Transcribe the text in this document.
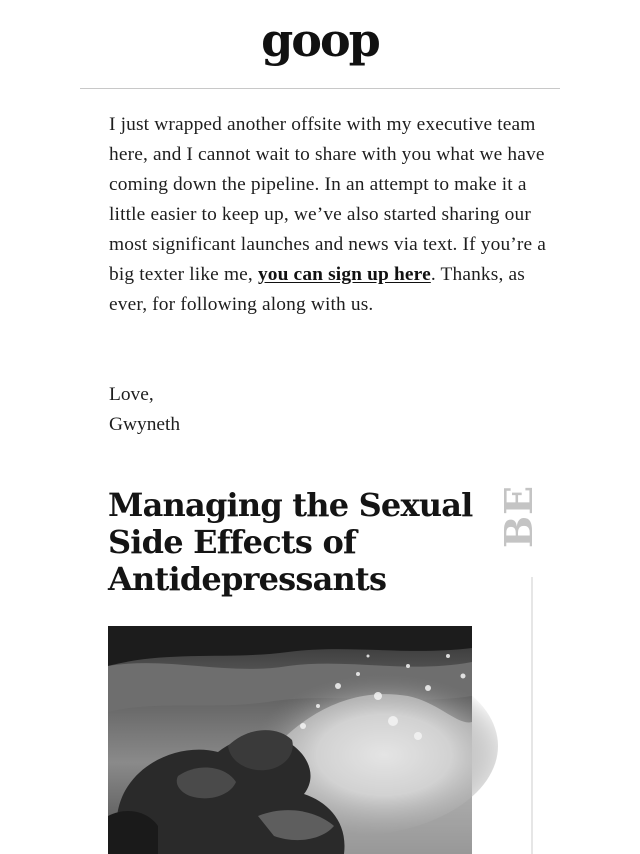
goop

I just wrapped another offsite with my executive team here, and I cannot wait to share with you what we have coming down the pipeline. In an attempt to make it a little easier to keep up, we’ve also started sharing our most significant launches and news via text. If you’re a big texter like me, you can sign up here. Thanks, as ever, for following along with us.

Love,
Gwyneth
Managing the Sexual Side Effects of Antidepressants
BE
